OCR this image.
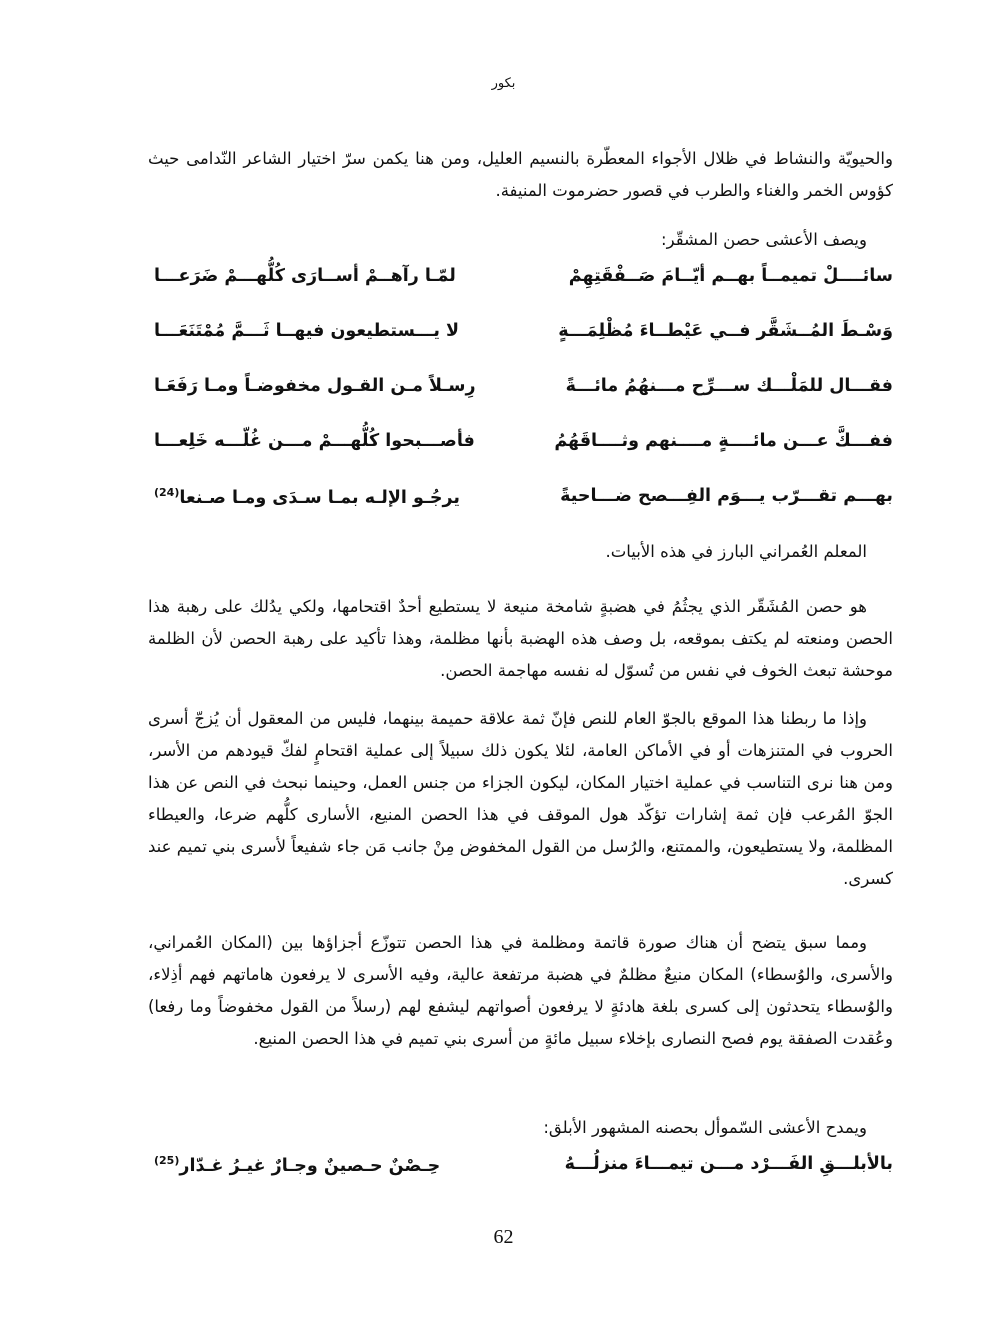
بكور

والحيويّة والنشاط في ظلال الأجواء المعطّرة بالنسيم العليل، ومن هنا يكمن سرّ اختيار الشاعر النّدامى حيث كؤوس الخمر والغناء والطرب في قصور حضرموت المنيفة.

ويصف الأعشى حصن المشقّر:

سائــــلْ تميمــاً بهــم أيّــامَ صَــفْقَتِهِمْ
لمّـا رآهــمْ أســارَى كُلُّهـــمْ ضَرَعـــا
وَسْـطَ المُــشَقَّر فــي عَيْطــاءَ مُظْلِمَـــةٍ
لا يـــستطيعون فيهــا ثَـــمَّ مُمْتَنَعَـــا
فقـــال للمَلْـــك ســـرِّح مـــنهُمُ مائـــةً
رِسـلاً مـن القـول مخفوضـاً ومـا رَفَعَـا
ففـــكَّ عـــن مائــــةٍ مــــنهم وثــــاقَهُمُ
فأصـــبحوا كُلُّهـــمْ مـــن غُلّـــه خَلِعـــا
بهـــم تقـــرّب يـــوَم الفِـــصح ضـــاحيةً
يرجُـو الإلـه بمـا سـدَى ومـا صـنعا$^{(24)}$

المعلم العُمراني البارز في هذه الأبيات.

هو حصن المُشَقّر الذي يجثُمُ في هضبةٍ شامخة منيعة لا يستطيع أحدٌ اقتحامها، ولكي يدُلك على رهبة هذا الحصن ومنعته لم يكتف بموقعه، بل وصف هذه الهضبة بأنها مظلمة، وهذا تأكيد على رهبة الحصن لأن الظلمة موحشة تبعث الخوف في نفس من تُسوّل له نفسه مهاجمة الحصن.

وإذا ما ربطنا هذا الموقع بالجوّ العام للنص فإنّ ثمة علاقة حميمة بينهما، فليس من المعقول أن يُزجّ أسرى الحروب في المتنزهات أو في الأماكن العامة، لئلا يكون ذلك سبيلاً إلى عملية اقتحامٍ لفكّ قيودهم من الأسر، ومن هنا نرى التناسب في عملية اختيار المكان، ليكون الجزاء من جنس العمل، وحينما نبحث في النص عن هذا الجوّ المُرعب فإن ثمة إشارات تؤكّد هول الموقف في هذا الحصن المنيع، الأسارى كلُّهم ضرعا، والعيطاء المظلمة، ولا يستطيعون، والممتنع، والرُسل من القول المخفوض مِنْ جانب مَن جاء شفيعاً لأسرى بني تميم عند كسرى.

ومما سبق يتضح أن هناك صورة قاتمة ومظلمة في هذا الحصن تتوزّع أجزاؤها بين (المكان العُمراني، والأسرى، والوُسطاء) المكان منيعٌ مظلمٌ في هضبة مرتفعة عالية، وفيه الأسرى لا يرفعون هاماتهم فهم أذِلاء، والوُسطاء يتحدثون إلى كسرى بلغة هادئةٍ لا يرفعون أصواتهم ليشفع لهم (رسلاً من القول مخفوضاً وما رفعا) وعُقدت الصفقة يوم فصح النصارى بإخلاء سبيل مائةٍ من أسرى بني تميم في هذا الحصن المنيع.

ويمدح الأعشى السّموأل بحصنه المشهور الأبلق:

بالأبلـــقِ الفَـــرْد مـــن تيمـــاءَ منزلُـــهُ
حِـصْنٌ حـصينٌ وجـارٌ غيـرُ غـدّار$^{(25)}$
62
